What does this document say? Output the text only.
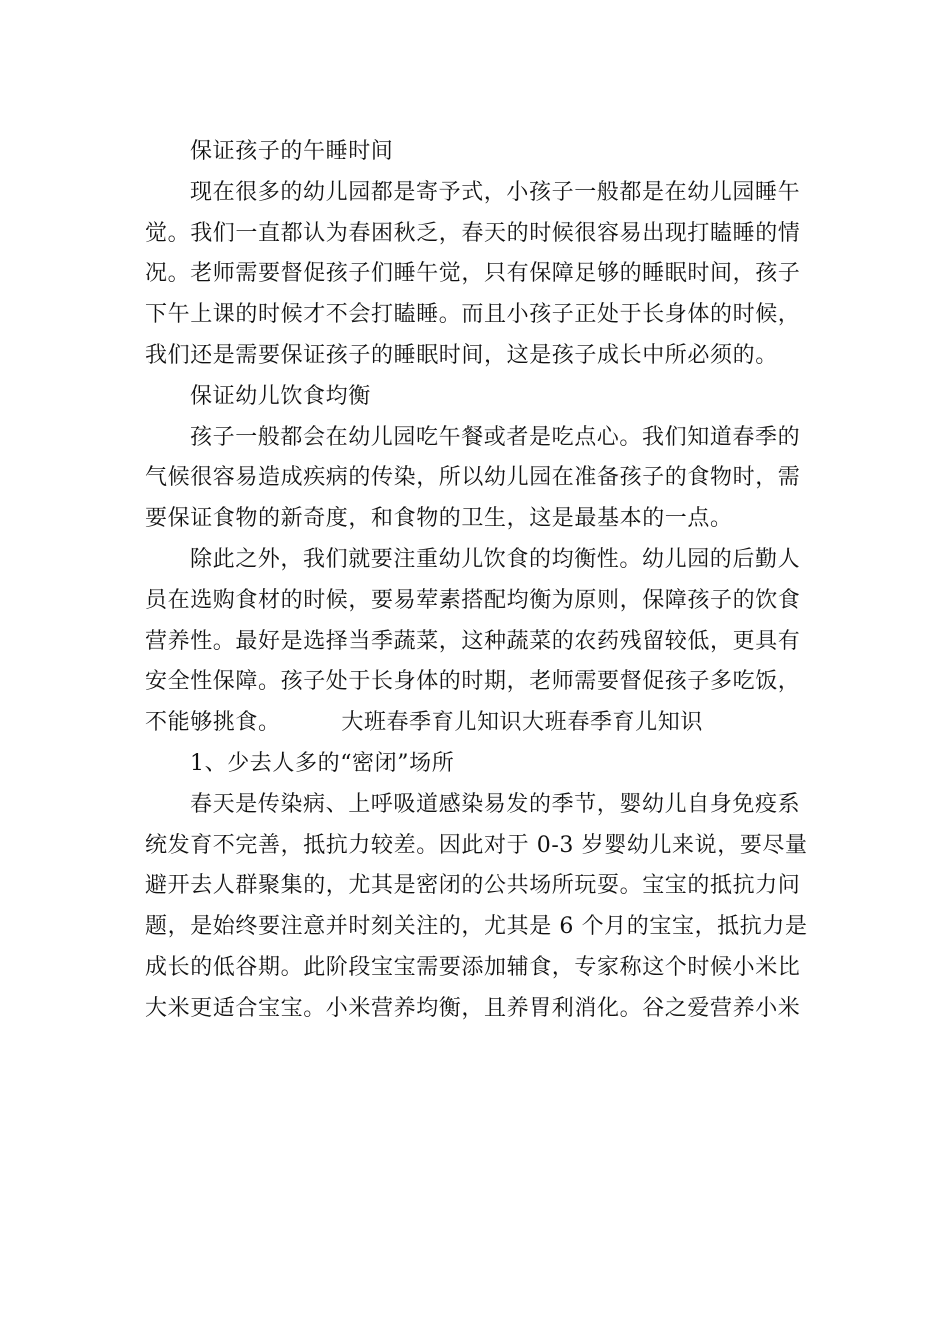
保证孩子的午睡时间
现在很多的幼儿园都是寄予式，小孩子一般都是在幼儿园睡午
觉。我们一直都认为春困秋乏，春天的时候很容易出现打瞌睡的情
况。老师需要督促孩子们睡午觉，只有保障足够的睡眠时间，孩子
下午上课的时候才不会打瞌睡。而且小孩子正处于长身体的时候，
我们还是需要保证孩子的睡眠时间，这是孩子成长中所必须的。
保证幼儿饮食均衡
孩子一般都会在幼儿园吃午餐或者是吃点心。我们知道春季的
气候很容易造成疾病的传染，所以幼儿园在准备孩子的食物时，需
要保证食物的新奇度，和食物的卫生，这是最基本的一点。
除此之外，我们就要注重幼儿饮食的均衡性。幼儿园的后勤人
员在选购食材的时候，要易荤素搭配均衡为原则，保障孩子的饮食
营养性。最好是选择当季蔬菜，这种蔬菜的农药残留较低，更具有
安全性保障。孩子处于长身体的时期，老师需要督促孩子多吃饭，
不能够挑食。        大班春季育儿知识大班春季育儿知识
1、少去人多的“密闭”场所
春天是传染病、上呼吸道感染易发的季节，婴幼儿自身免疫系
统发育不完善，抵抗力较差。因此对于 0-3 岁婴幼儿来说，要尽量
避开去人群聚集的，尤其是密闭的公共场所玩耍。宝宝的抵抗力问
题，是始终要注意并时刻关注的，尤其是 6 个月的宝宝，抵抗力是
成长的低谷期。此阶段宝宝需要添加辅食，专家称这个时候小米比
大米更适合宝宝。小米营养均衡，且养胃利消化。谷之爱营养小米
